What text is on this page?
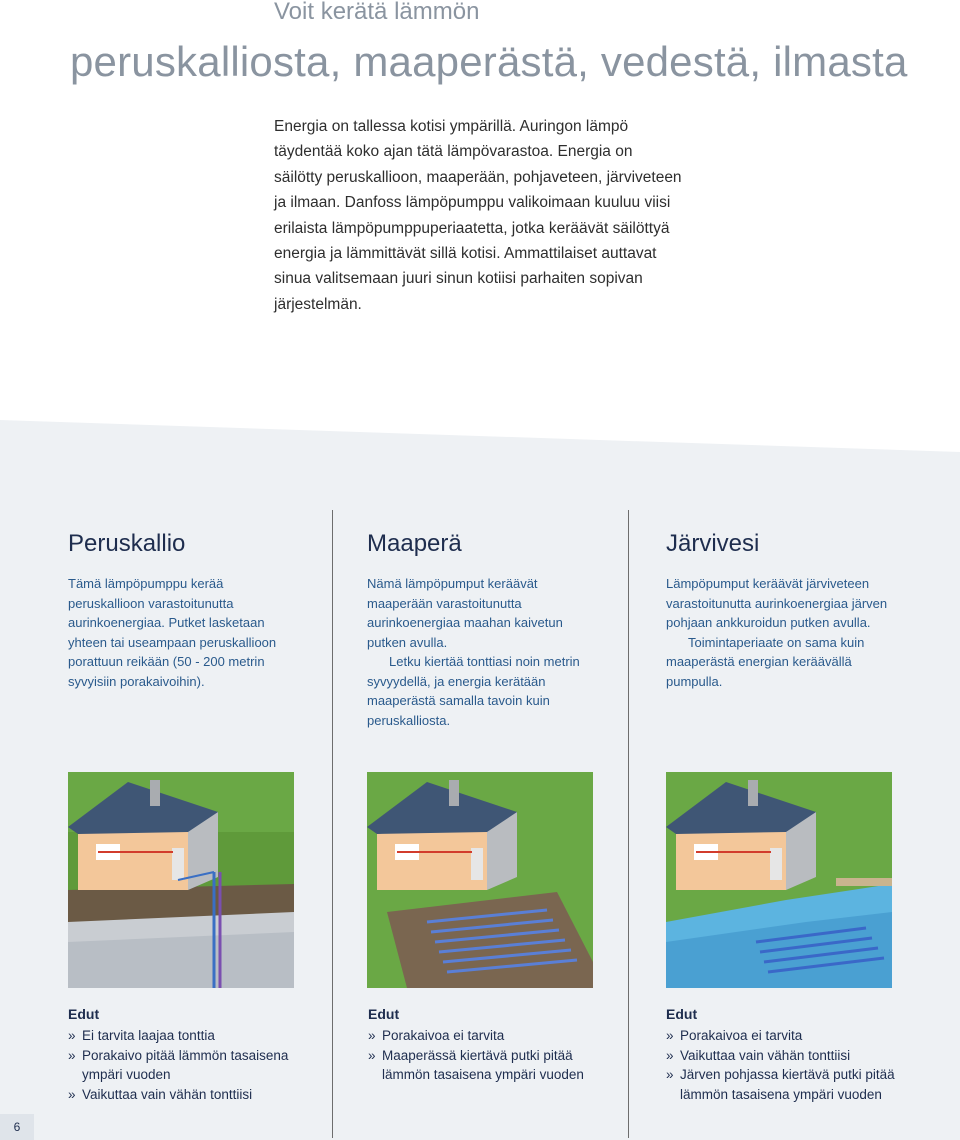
Voit kerätä lämmön
peruskalliosta, maaperästä, vedestä, ilmasta

Energia on tallessa kotisi ympärillä. Auringon lämpö täydentää koko ajan tätä lämpövarastoa. Energia on säilötty peruskallioon, maaperään, pohjaveteen, järviveteen ja ilmaan. Danfoss lämpöpumppu valikoimaan kuuluu viisi erilaista lämpöpumppuperiaatetta, jotka keräävät säilöttyä energia ja lämmittävät sillä kotisi. Ammattilaiset auttavat sinua valitsemaan juuri sinun kotiisi parhaiten sopivan järjestelmän.

Peruskallio

Tämä lämpöpumppu kerää peruskallioon varastoitunutta aurinkoenergiaa. Putket lasketaan yhteen tai useampaan peruskallioon porattuun reikään (50 - 200 metrin syvyisiin porakaivoihin).

Maaperä

Nämä lämpöpumput keräävät maaperään varastoitunutta aurinkoenergiaa maahan kaivetun putken avulla.
Letku kiertää tonttiasi noin metrin syvyydellä, ja energia kerätään maaperästä samalla tavoin kuin peruskalliosta.

Järvivesi

Lämpöpumput keräävät järviveteen varastoitunutta aurinkoenergiaa järven pohjaan ankkuroidun putken avulla.
Toimintaperiaate on sama kuin maaperästä energian keräävällä pumpulla.

Edut
» Ei tarvita laajaa tonttia
» Porakaivo pitää lämmön tasaisena ympäri vuoden
» Vaikuttaa vain vähän tonttiisi
Edut
» Porakaivoa ei tarvita
» Maaperässä kiertävä putki pitää lämmön tasaisena ympäri vuoden
Edut
» Porakaivoa ei tarvita
» Vaikuttaa vain vähän tonttiisi
» Järven pohjassa kiertävä putki pitää lämmön tasaisena ympäri vuoden
6
